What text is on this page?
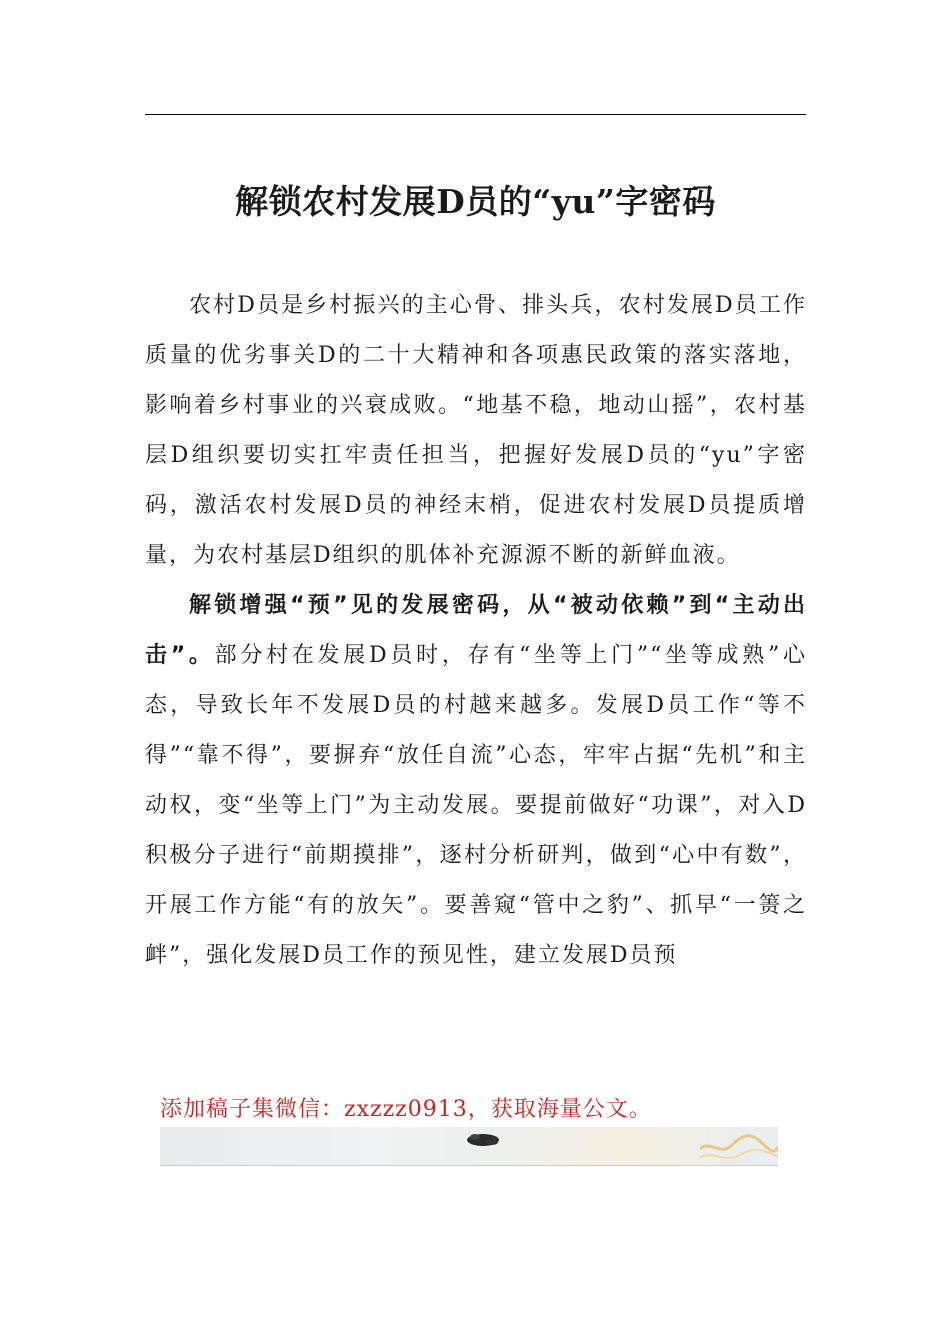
解锁农村发展D员的“yu”字密码

农村D员是乡村振兴的主心骨、排头兵，农村发展D员工作质量的优劣事关D的二十大精神和各项惠民政策的落实落地，影响着乡村事业的兴衰成败。“地基不稳，地动山摇”，农村基层D组织要切实扛牢责任担当，把握好发展D员的“yu”字密码，激活农村发展D员的神经末梢，促进农村发展D员提质增量，为农村基层D组织的肌体补充源源不断的新鲜血液。

解锁增强“预”见的发展密码，从“被动依赖”到“主动出击”。部分村在发展D员时，存有“坐等上门”“坐等成熟”心态，导致长年不发展D员的村越来越多。发展D员工作“等不得”“靠不得”，要摒弃“放任自流”心态，牢牢占据“先机”和主动权，变“坐等上门”为主动发展。要提前做好“功课”，对入D积极分子进行“前期摸排”，逐村分析研判，做到“心中有数”，开展工作方能“有的放矢”。要善窥“管中之豹”、抓早“一箦之衅”，强化发展D员工作的预见性，建立发展D员预

添加稿子集微信：zxzzz0913，获取海量公文。
